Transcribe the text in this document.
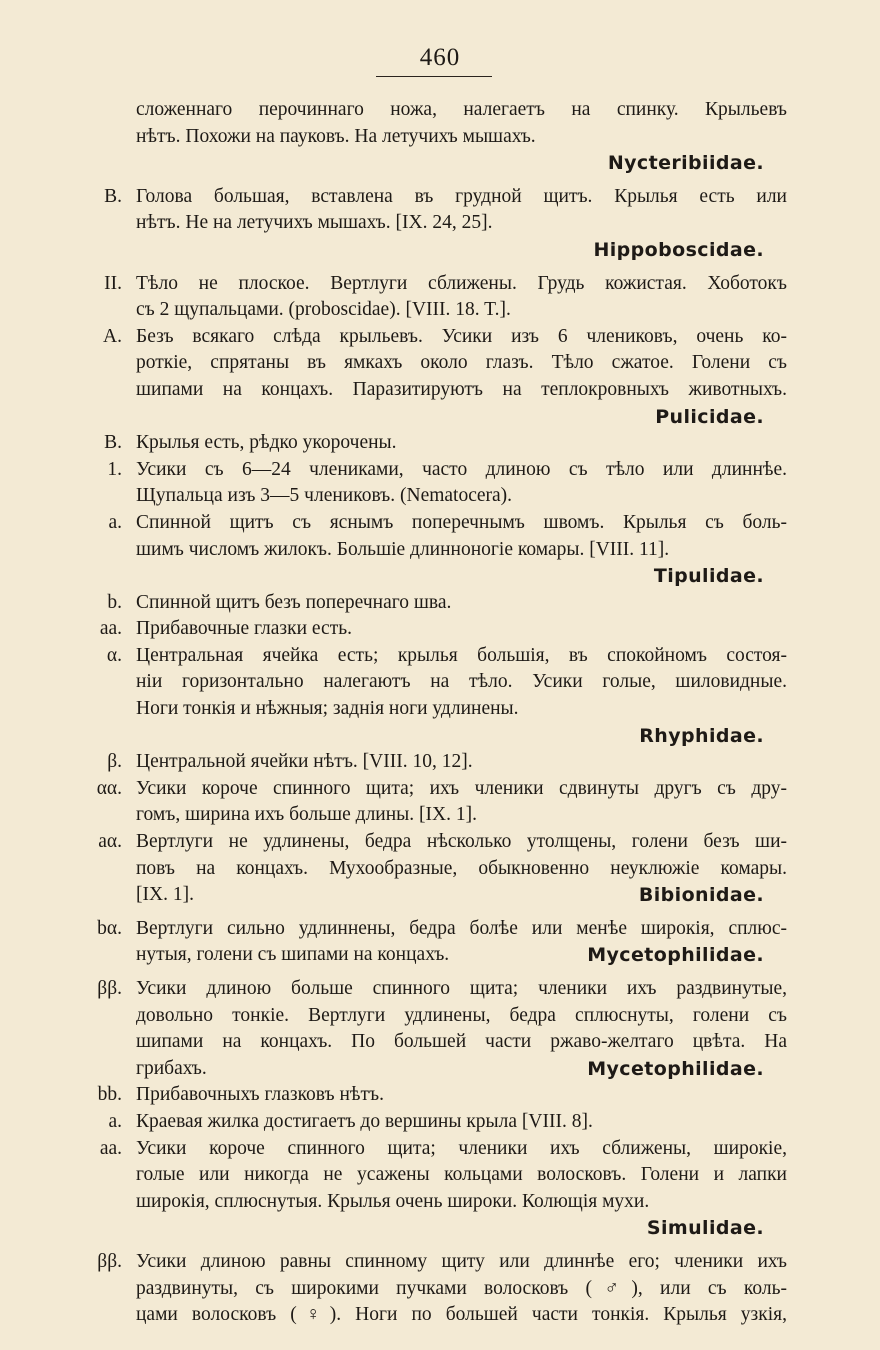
460
сложеннаго перочиннаго ножа, налегаетъ на спинку. Крыльевъ
нѣтъ. Похожи на пауковъ. На летучихъ мышахъ.
Nycteribiidae.
B. Голова большая, вставлена въ грудной щитъ. Крылья есть или
нѣтъ. Не на летучихъ мышахъ. [IX. 24, 25].
Hippoboscidae.
II. Тѣло не плоское. Вертлуги сближены. Грудь кожистая. Хоботокъ
съ 2 щупальцами. (proboscidae). [VIII. 18. T.].
A. Безъ всякаго слѣда крыльевъ. Усики изъ 6 члениковъ, очень ко-
роткіе, спрятаны въ ямкахъ около глазъ. Тѣло сжатое. Голени съ
шипами на концахъ. Паразитируютъ на теплокровныхъ животныхъ.
Pulicidae.
B. Крылья есть, рѣдко укорочены.
1. Усики съ 6—24 члениками, часто длиною съ тѣло или длиннѣе.
Щупальца изъ 3—5 члениковъ. (Nematocera).
a. Спинной щитъ съ яснымъ поперечнымъ швомъ. Крылья съ боль-
шимъ числомъ жилокъ. Большіе длинноногіе комары. [VIII. 11].
Tipulidae.
b. Спинной щитъ безъ поперечнаго шва.
aa. Прибавочные глазки есть.
α. Центральная ячейка есть; крылья большія, въ спокойномъ состоя-
ніи горизонтально налегаютъ на тѣло. Усики голые, шиловидные.
Ноги тонкія и нѣжныя; заднія ноги удлинены.
Rhyphidae.
β. Центральной ячейки нѣтъ. [VIII. 10, 12].
αα. Усики короче спинного щита; ихъ членики сдвинуты другъ съ дру-
гомъ, ширина ихъ больше длины. [IX. 1].
aα. Вертлуги не удлинены, бедра нѣсколько утолщены, голени безъ ши-
повъ на концахъ. Мухообразные, обыкновенно неуклюжіе комары.
[IX. 1].	Bibionidae.
bα. Вертлуги сильно удлиннены, бедра болѣе или менѣе широкія, сплюс-
нутыя, голени съ шипами на концахъ.	Mycetophilidae.
ββ. Усики длиною больше спинного щита; членики ихъ раздвинутые,
довольно тонкіе. Вертлуги удлинены, бедра сплюснуты, голени съ
шипами на концахъ. По большей части ржаво-желтаго цвѣта. На
грибахъ.	Mycetophilidae.
bb. Прибавочныхъ глазковъ нѣтъ.
a. Краевая жилка достигаетъ до вершины крыла [VIII. 8].
aa. Усики короче спинного щита; членики ихъ сближены, широкіе,
голые или никогда не усажены кольцами волосковъ. Голени и лапки
широкія, сплюснутыя. Крылья очень широки. Колющія мухи.
Simulidae.
ββ. Усики длиною равны спинному щиту или длиннѣе его; членики ихъ
раздвинуты, съ широкими пучками волосковъ (♂), или съ коль-
цами волосковъ (♀). Ноги по большей части тонкія. Крылья узкія,
